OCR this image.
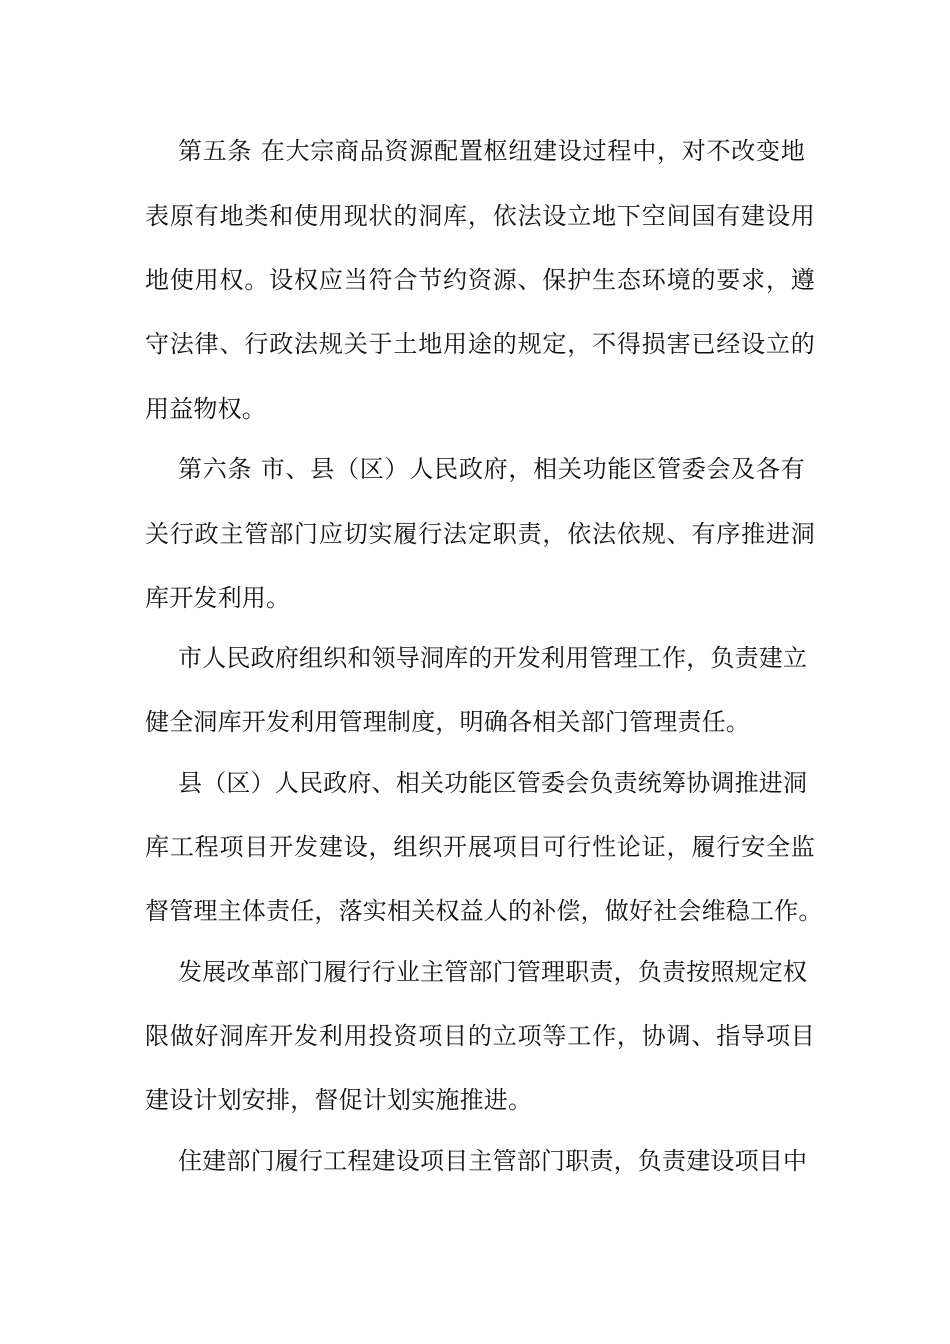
第五条 在大宗商品资源配置枢纽建设过程中，对不改变地
表原有地类和使用现状的洞库，依法设立地下空间国有建设用
地使用权。设权应当符合节约资源、保护生态环境的要求，遵
守法律、行政法规关于土地用途的规定，不得损害已经设立的
用益物权。
第六条 市、县（区）人民政府，相关功能区管委会及各有
关行政主管部门应切实履行法定职责，依法依规、有序推进洞
库开发利用。
市人民政府组织和领导洞库的开发利用管理工作，负责建立
健全洞库开发利用管理制度，明确各相关部门管理责任。
县（区）人民政府、相关功能区管委会负责统筹协调推进洞
库工程项目开发建设，组织开展项目可行性论证，履行安全监
督管理主体责任，落实相关权益人的补偿，做好社会维稳工作。
发展改革部门履行行业主管部门管理职责，负责按照规定权
限做好洞库开发利用投资项目的立项等工作，协调、指导项目
建设计划安排，督促计划实施推进。
住建部门履行工程建设项目主管部门职责，负责建设项目中
